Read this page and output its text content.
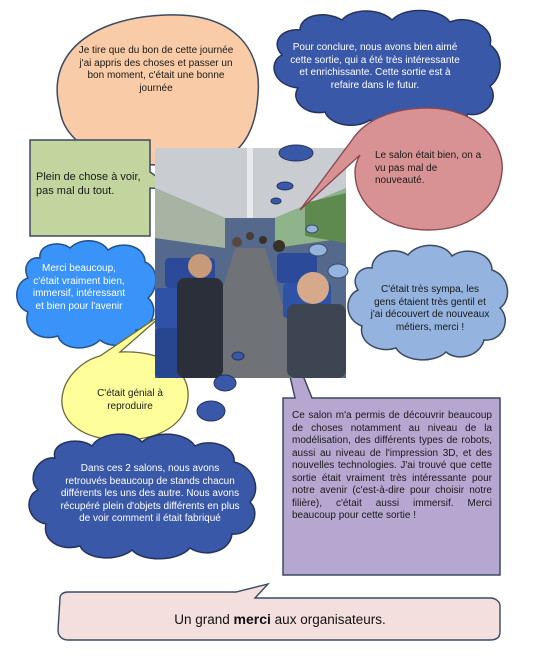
Je tire que du bon de cette journée j'ai appris des choses et passer un bon moment, c'était une bonne journée

Pour conclure, nous avons bien aimé cette sortie, qui a été très intéressante et enrichissante. Cette sortie est à refaire dans le futur.

Plein de chose à voir, pas mal du tout.

Le salon était bien, on a vu pas mal de nouveauté.

Merci beaucoup, c'était vraiment bien, immersif, intéressant et bien pour l'avenir

C'était très sympa, les gens étaient très gentil et j'ai découvert de nouveaux métiers, merci !

C'était génial à reproduire

Ce salon m'a permis de découvrir beaucoup de choses notamment au niveau de la modélisation, des différents types de robots, aussi au niveau de l'impression 3D, et des nouvelles technologies. J'ai trouvé que cette sortie était vraiment très intéressante pour notre avenir (c'est-à-dire pour choisir notre filière), c'était aussi immersif. Merci beaucoup pour cette sortie !

Dans ces 2 salons, nous avons retrouvés beaucoup de stands chacun différents les uns des autre. Nous avons récupéré plein d'objets différents en plus de voir comment il était fabriqué

Un grand merci aux organisateurs.
